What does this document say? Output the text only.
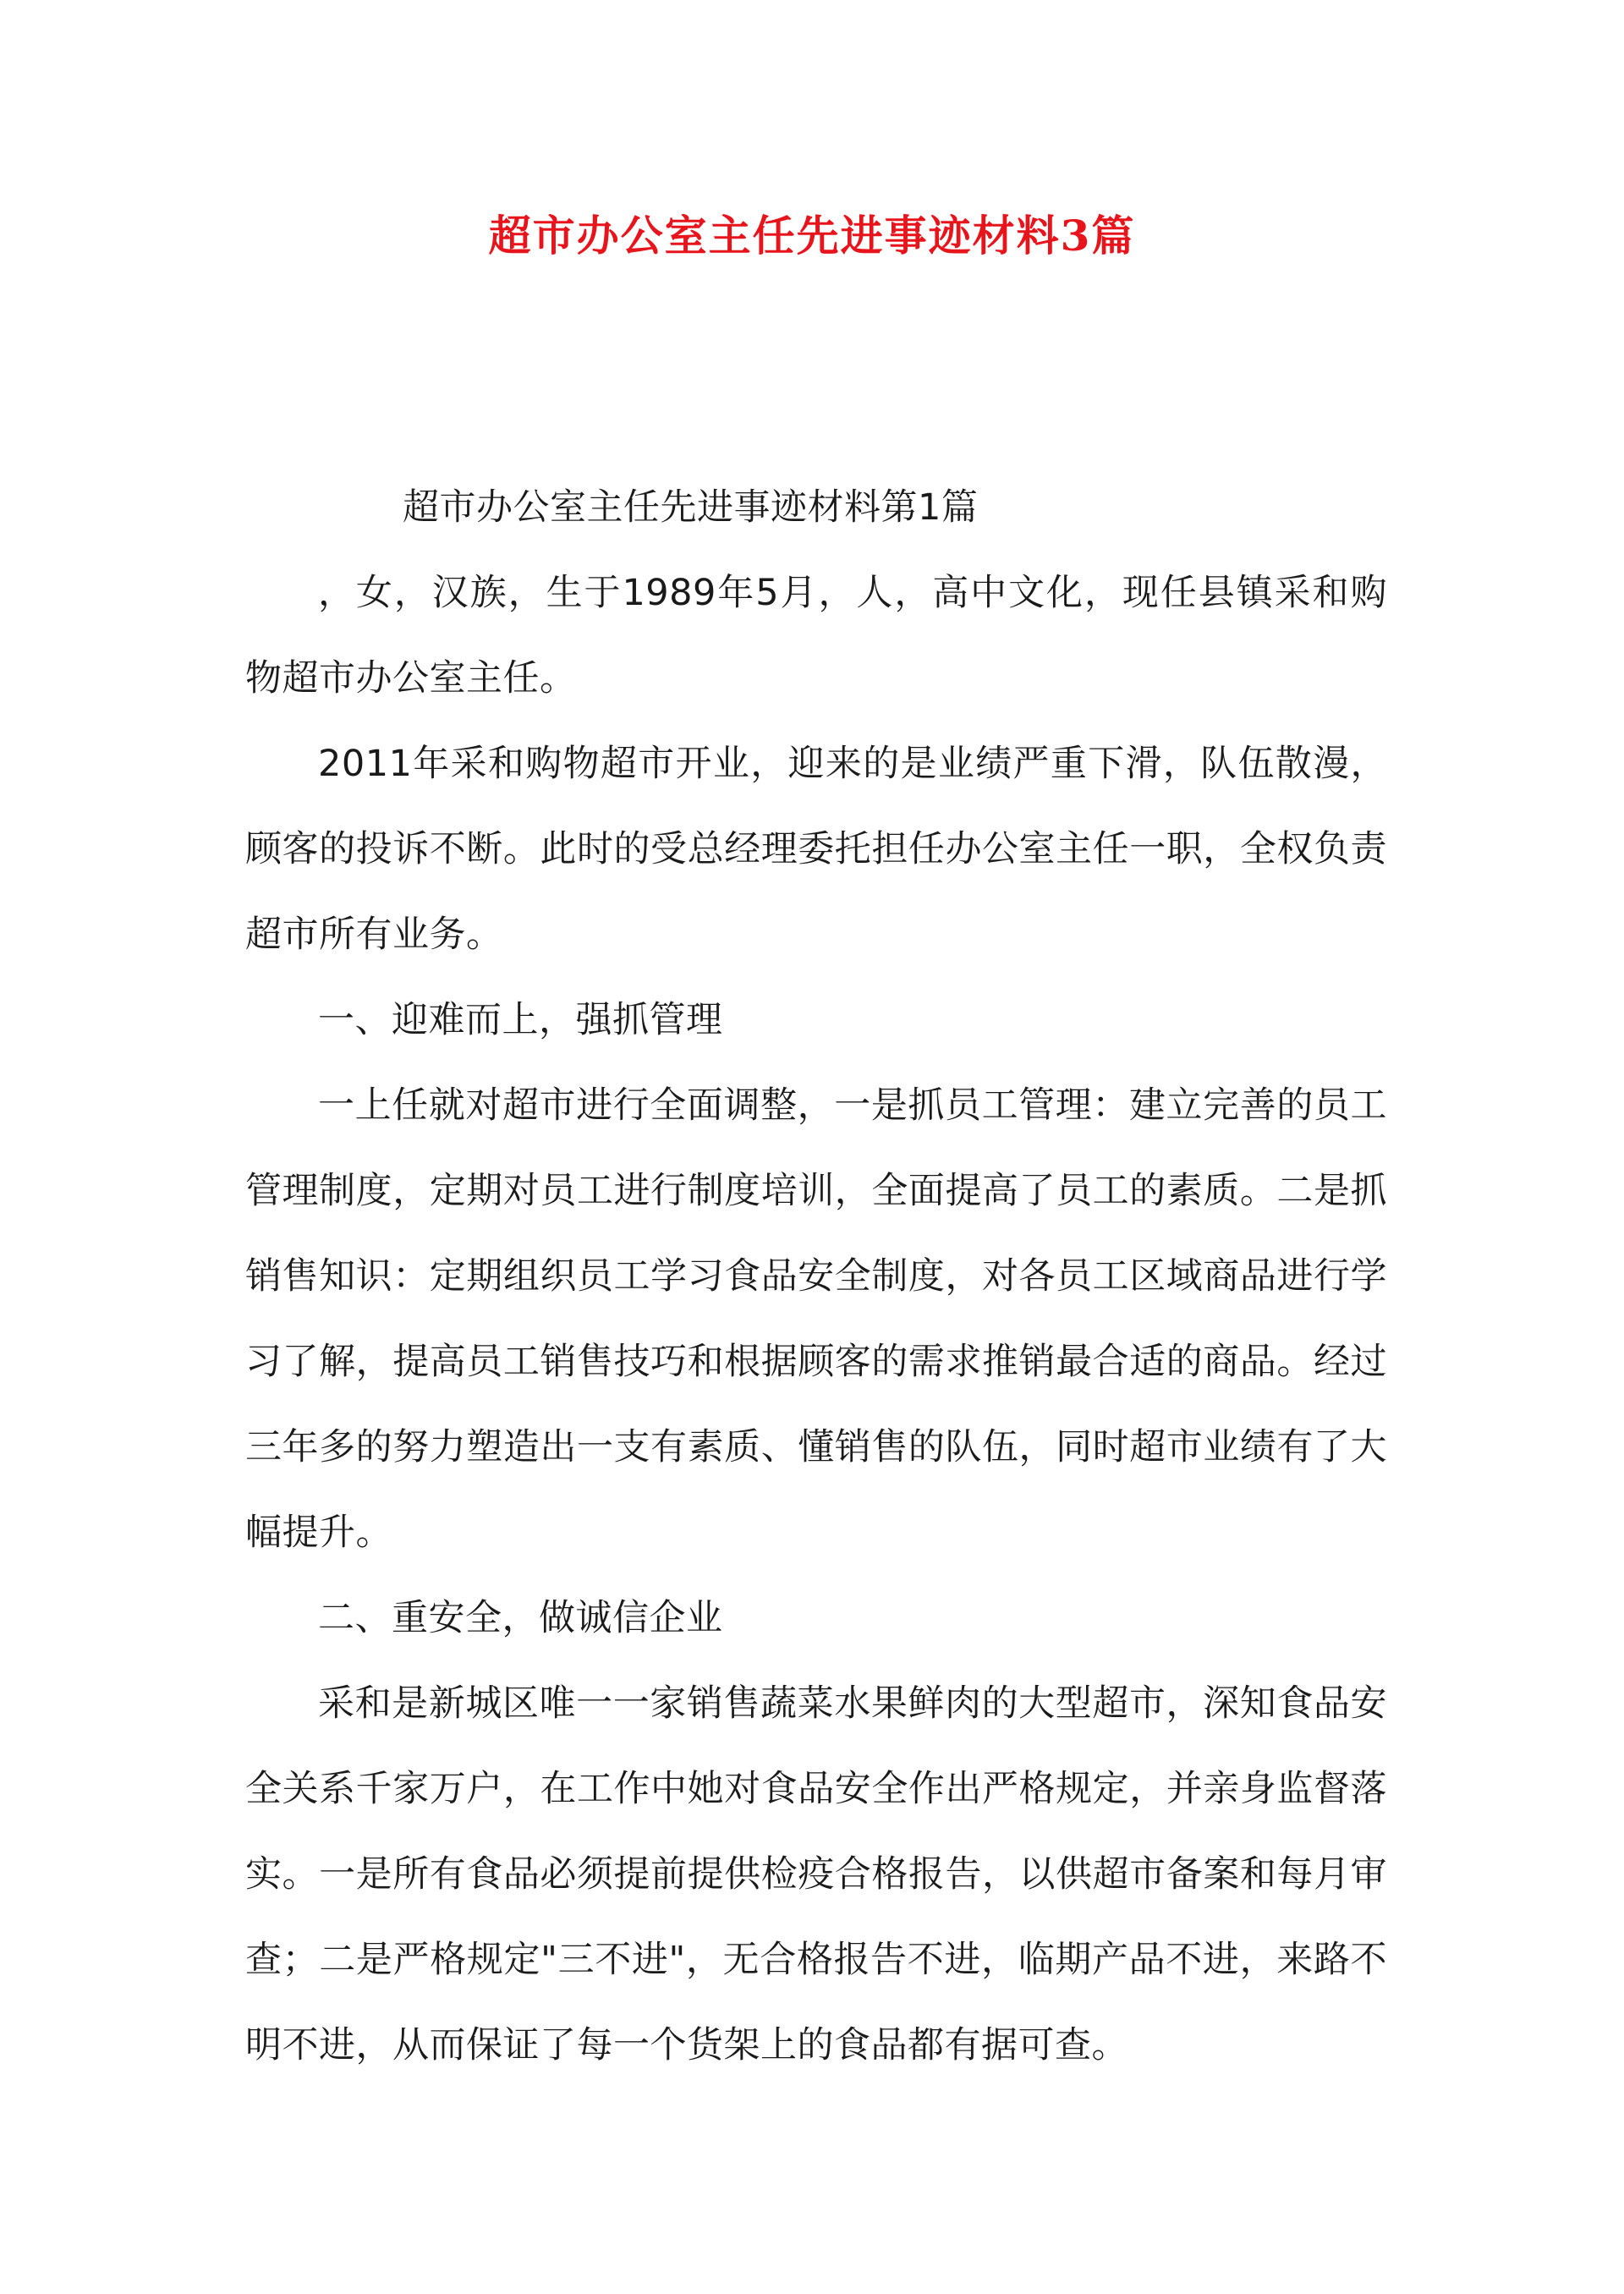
超市办公室主任先进事迹材料3篇

超市办公室主任先进事迹材料第1篇

，女，汉族，生于1989年5月，人，高中文化，现任县镇采和购物超市办公室主任。

2011年采和购物超市开业，迎来的是业绩严重下滑，队伍散漫，顾客的投诉不断。此时的受总经理委托担任办公室主任一职，全权负责超市所有业务。

一、迎难而上，强抓管理

一上任就对超市进行全面调整，一是抓员工管理：建立完善的员工管理制度，定期对员工进行制度培训，全面提高了员工的素质。二是抓销售知识：定期组织员工学习食品安全制度，对各员工区域商品进行学习了解，提高员工销售技巧和根据顾客的需求推销最合适的商品。经过三年多的努力塑造出一支有素质、懂销售的队伍，同时超市业绩有了大幅提升。

二、重安全，做诚信企业

采和是新城区唯一一家销售蔬菜水果鲜肉的大型超市，深知食品安全关系千家万户，在工作中她对食品安全作出严格规定，并亲身监督落实。一是所有食品必须提前提供检疫合格报告，以供超市备案和每月审查；二是严格规定"三不进"，无合格报告不进，临期产品不进，来路不明不进，从而保证了每一个货架上的食品都有据可查。
